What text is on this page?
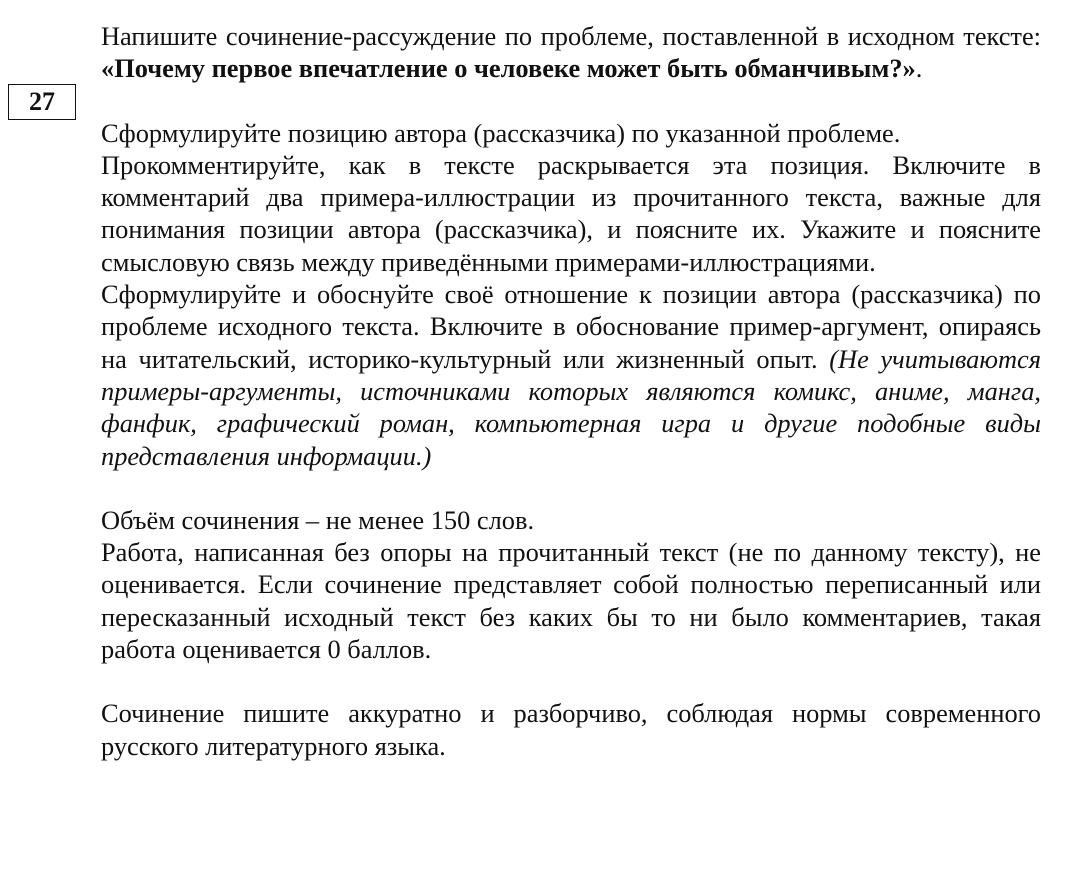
27

Напишите сочинение-рассуждение по проблеме, поставленной в исходном тексте: «Почему первое впечатление о человеке может быть обманчивым?».

Сформулируйте позицию автора (рассказчика) по указанной проблеме.

Прокомментируйте, как в тексте раскрывается эта позиция. Включите в комментарий два примера-иллюстрации из прочитанного текста, важные для понимания позиции автора (рассказчика), и поясните их. Укажите и поясните смысловую связь между приведёнными примерами-иллюстрациями.

Сформулируйте и обоснуйте своё отношение к позиции автора (рассказчика) по проблеме исходного текста. Включите в обоснование пример-аргумент, опираясь на читательский, историко-культурный или жизненный опыт. (Не учитываются примеры-аргументы, источниками которых являются комикс, аниме, манга, фанфик, графический роман, компьютерная игра и другие подобные виды представления информации.)

Объём сочинения – не менее 150 слов.

Работа, написанная без опоры на прочитанный текст (не по данному тексту), не оценивается. Если сочинение представляет собой полностью переписанный или пересказанный исходный текст без каких бы то ни было комментариев, такая работа оценивается 0 баллов.

Сочинение пишите аккуратно и разборчиво, соблюдая нормы современного русского литературного языка.
